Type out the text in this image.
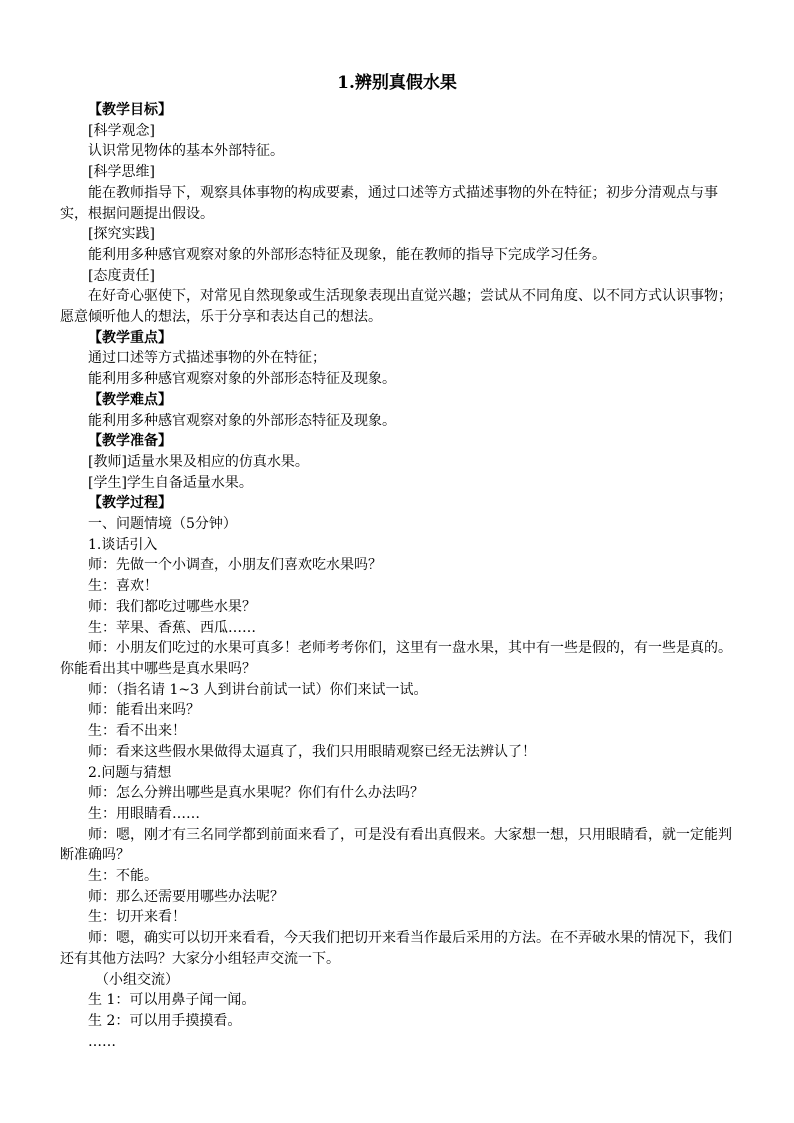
1.辨别真假水果

【教学目标】

[科学观念]

认识常见物体的基本外部特征。

[科学思维]

能在教师指导下，观察具体事物的构成要素，通过口述等方式描述事物的外在特征；初步分清观点与事实，根据问题提出假设。

[探究实践]

能利用多种感官观察对象的外部形态特征及现象，能在教师的指导下完成学习任务。

[态度责任]

在好奇心驱使下，对常见自然现象或生活现象表现出直觉兴趣；尝试从不同角度、以不同方式认识事物；愿意倾听他人的想法，乐于分享和表达自己的想法。

【教学重点】

通过口述等方式描述事物的外在特征；

能利用多种感官观察对象的外部形态特征及现象。

【教学难点】

能利用多种感官观察对象的外部形态特征及现象。

【教学准备】

[教师]适量水果及相应的仿真水果。

[学生]学生自备适量水果。

【教学过程】

一、问题情境（5分钟）

1.谈话引入

师：先做一个小调查，小朋友们喜欢吃水果吗？

生：喜欢！

师：我们都吃过哪些水果？

生：苹果、香蕉、西瓜……

师：小朋友们吃过的水果可真多！老师考考你们，这里有一盘水果，其中有一些是假的，有一些是真的。你能看出其中哪些是真水果吗？

师：（指名请 1~3 人到讲台前试一试）你们来试一试。

师：能看出来吗？

生：看不出来！

师：看来这些假水果做得太逼真了，我们只用眼睛观察已经无法辨认了！

2.问题与猜想

师：怎么分辨出哪些是真水果呢？你们有什么办法吗？

生：用眼睛看……

师：嗯，刚才有三名同学都到前面来看了，可是没有看出真假来。大家想一想，只用眼睛看，就一定能判断准确吗？

生：不能。

师：那么还需要用哪些办法呢？

生：切开来看！

师：嗯，确实可以切开来看看，今天我们把切开来看当作最后采用的方法。在不弄破水果的情况下，我们还有其他方法吗？大家分小组轻声交流一下。

（小组交流）

生 1：可以用鼻子闻一闻。

生 2：可以用手摸摸看。

……
